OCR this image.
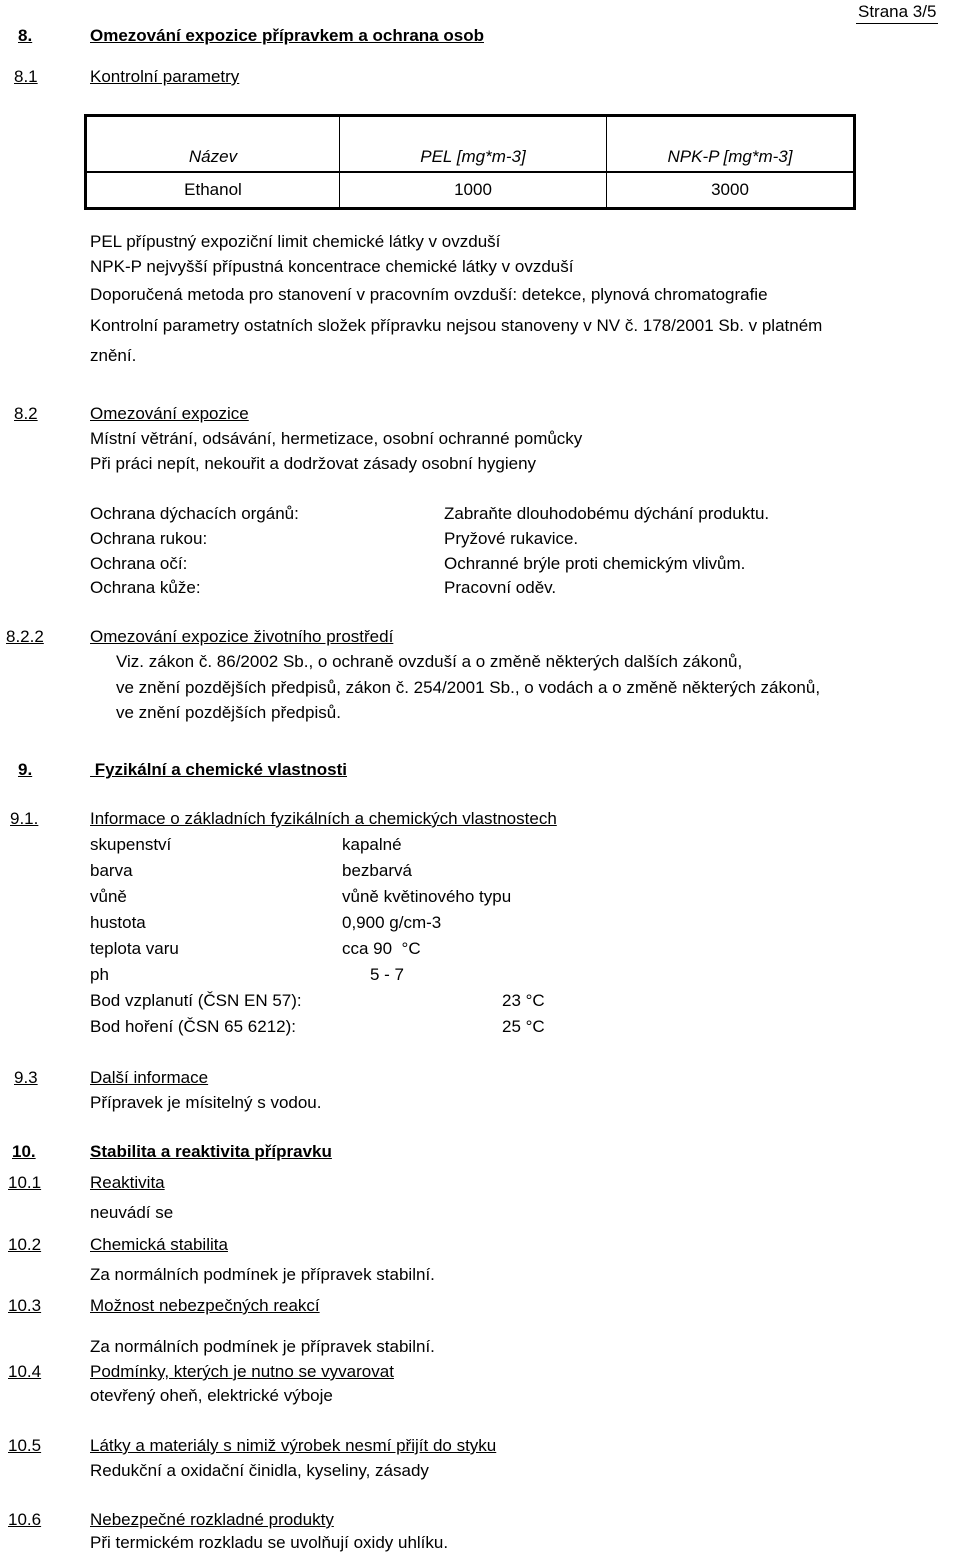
8.	Omezování expozice přípravkem a ochrana osob
Strana 3/5
8.1	Kontrolní parametry
Název	PEL [mg*m-3]	NPK-P [mg*m-3]
Ethanol	1000	3000
PEL přípustný expoziční limit chemické látky v ovzduší
NPK-P nejvyšší přípustná koncentrace chemické látky v ovzduší
Doporučená metoda pro stanovení v pracovním ovzduší: detekce, plynová chromatografie
Kontrolní parametry ostatních složek přípravku nejsou stanoveny v NV č. 178/2001 Sb. v platném
znění.
8.2	Omezování expozice
Místní větrání, odsávání, hermetizace, osobní ochranné pomůcky
Při práci nepít, nekouřit a dodržovat zásady osobní hygieny
Ochrana dýchacích orgánů:	Zabraňte dlouhodobému dýchání produktu.
Ochrana rukou:	Pryžové rukavice.
Ochrana očí:	Ochranné brýle proti chemickým vlivům.
Ochrana kůže:	Pracovní oděv.
8.2.2	Omezování expozice životního prostředí
Viz. zákon č. 86/2002 Sb., o ochraně ovzduší a o změně některých dalších zákonů,
ve znění pozdějších předpisů, zákon č. 254/2001 Sb., o vodách a o změně některých zákonů,
ve znění pozdějších předpisů.
9.	Fyzikální a chemické vlastnosti
9.1.	Informace o základních fyzikálních a chemických vlastnostech
skupenství	kapalné
barva	bezbarvá
vůně	vůně květinového typu
hustota	0,900 g/cm-3
teplota varu	cca 90  °C
ph	5 - 7
Bod vzplanutí (ČSN EN 57):	23 °C
Bod hoření (ČSN 65 6212):	25 °C
9.3	Další informace
Přípravek je mísitelný s vodou.
10.	Stabilita a reaktivita přípravku
10.1	Reaktivita
neuvádí se
10.2	Chemická stabilita
Za normálních podmínek je přípravek stabilní.
10.3	Možnost nebezpečných reakcí
Za normálních podmínek je přípravek stabilní.
10.4	Podmínky, kterých je nutno se vyvarovat
otevřený oheň, elektrické výboje
10.5	Látky a materiály s nimiž výrobek nesmí přijít do styku
Redukční a oxidační činidla, kyseliny, zásady
10.6	Nebezpečné rozkladné produkty
Při termickém rozkladu se uvolňují oxidy uhlíku.
